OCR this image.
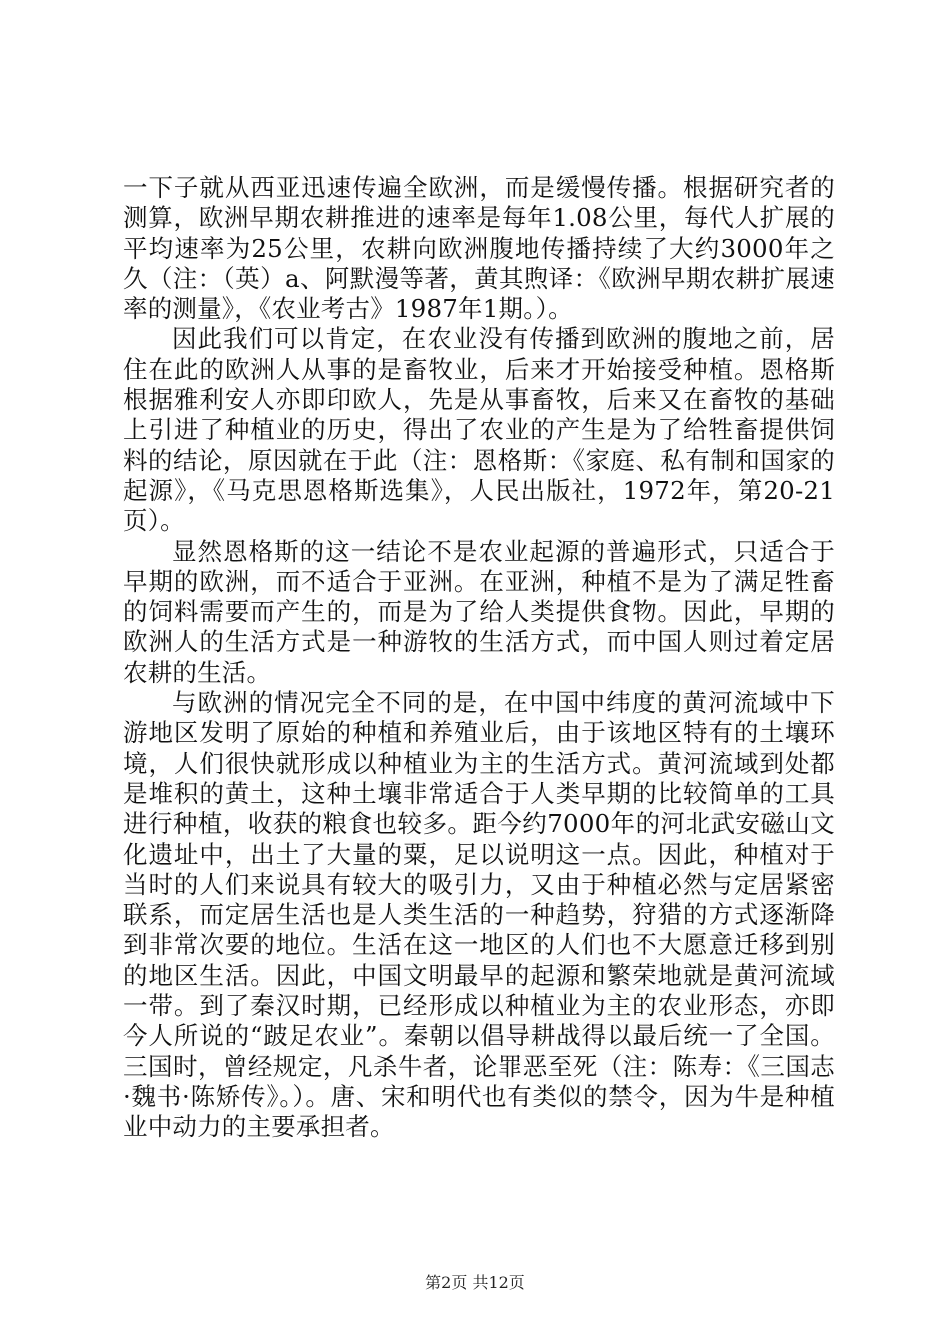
一下子就从西亚迅速传遍全欧洲，而是缓慢传播。根据研究者的测算，欧洲早期农耕推进的速率是每年1.08公里，每代人扩展的平均速率为25公里，农耕向欧洲腹地传播持续了大约3000年之久（注：（英）a、阿默漫等著，黄其煦译：《欧洲早期农耕扩展速率的测量》，《农业考古》1987年1期。）。

因此我们可以肯定，在农业没有传播到欧洲的腹地之前，居住在此的欧洲人从事的是畜牧业，后来才开始接受种植。恩格斯根据雅利安人亦即印欧人，先是从事畜牧，后来又在畜牧的基础上引进了种植业的历史，得出了农业的产生是为了给牲畜提供饲料的结论，原因就在于此（注：恩格斯：《家庭、私有制和国家的起源》，《马克思恩格斯选集》，人民出版社，1972年，第20-21页）。

显然恩格斯的这一结论不是农业起源的普遍形式，只适合于早期的欧洲，而不适合于亚洲。在亚洲，种植不是为了满足牲畜的饲料需要而产生的，而是为了给人类提供食物。因此，早期的欧洲人的生活方式是一种游牧的生活方式，而中国人则过着定居农耕的生活。

与欧洲的情况完全不同的是，在中国中纬度的黄河流域中下游地区发明了原始的种植和养殖业后，由于该地区特有的土壤环境，人们很快就形成以种植业为主的生活方式。黄河流域到处都是堆积的黄土，这种土壤非常适合于人类早期的比较简单的工具进行种植，收获的粮食也较多。距今约7000年的河北武安磁山文化遗址中，出土了大量的粟，足以说明这一点。因此，种植对于当时的人们来说具有较大的吸引力，又由于种植必然与定居紧密联系，而定居生活也是人类生活的一种趋势，狩猎的方式逐渐降到非常次要的地位。生活在这一地区的人们也不大愿意迁移到别的地区生活。因此，中国文明最早的起源和繁荣地就是黄河流域一带。到了秦汉时期，已经形成以种植业为主的农业形态，亦即今人所说的“跛足农业”。秦朝以倡导耕战得以最后统一了全国。三国时，曾经规定，凡杀牛者，论罪恶至死（注：陈寿：《三国志·魏书·陈矫传》。）。唐、宋和明代也有类似的禁令，因为牛是种植业中动力的主要承担者。

第2页 共12页
